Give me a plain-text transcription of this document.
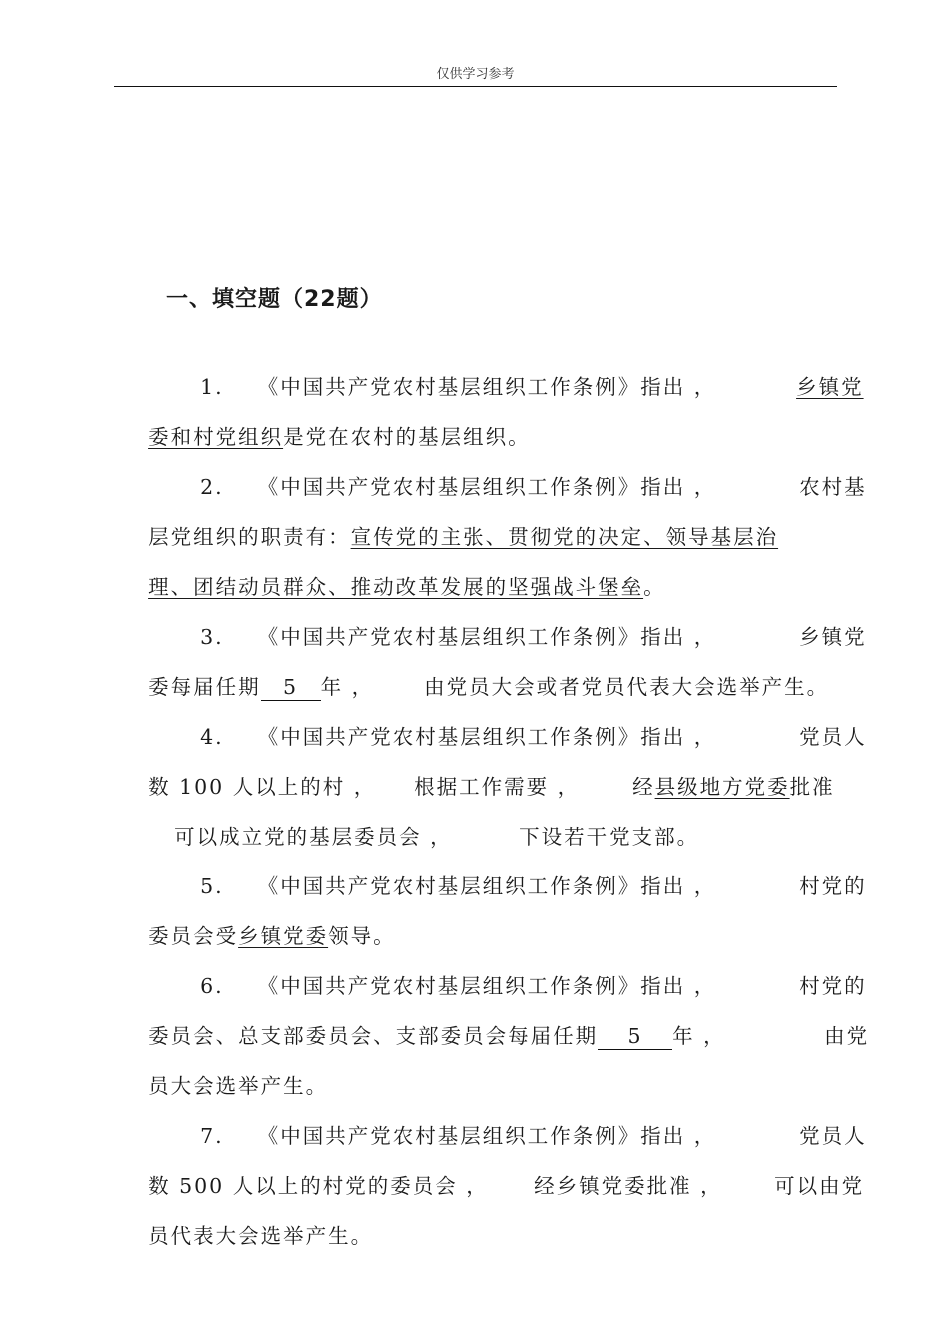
仅供学习参考
一、填空题（22题）

1. 《中国共产党农村基层组织工作条例》指出 ，
	乡镇党

委和村党组织是党在农村的基层组织。

2. 《中国共产党农村基层组织工作条例》指出 ，
	农村基

层党组织的职责有：宣传党的主张、贯彻党的决定、领导基层治

理、团结动员群众、推动改革发展的坚强战斗堡垒。

3. 《中国共产党农村基层组织工作条例》指出 ，
	乡镇党

委每届任期 5 年 ，
	由党员大会或者党员代表大会选举产生。

4. 《中国共产党农村基层组织工作条例》指出 ，
	党员人

数 100 人以上的村 ，
	根据工作需要 ，
	经县级地方党委批准

可以成立党的基层委员会 ，
	下设若干党支部。

5. 《中国共产党农村基层组织工作条例》指出 ，
	村党的

委员会受乡镇党委领导。

6. 《中国共产党农村基层组织工作条例》指出 ，
	村党的

委员会、总支部委员会、支部委员会每届任期 5 年 ，
	由党

员大会选举产生。

7. 《中国共产党农村基层组织工作条例》指出 ，
	党员人

数 500 人以上的村党的委员会 ，
	经乡镇党委批准 ，
	可以由党

员代表大会选举产生。
